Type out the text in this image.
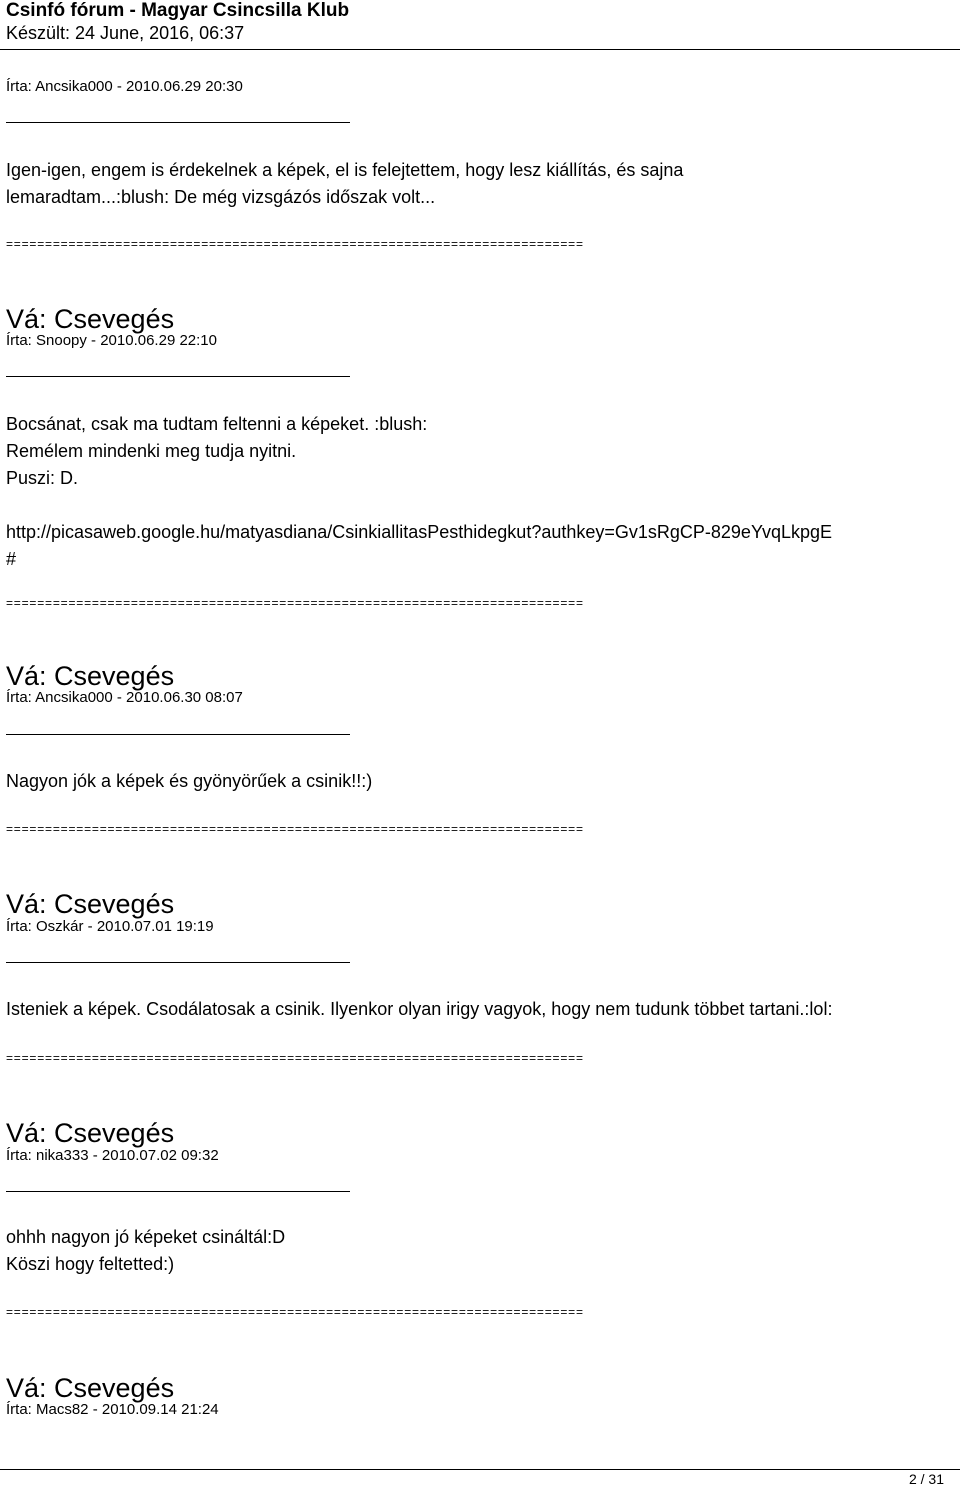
Csinfó fórum - Magyar Csincsilla Klub
Készült: 24 June, 2016, 06:37
Írta: Ancsika000 - 2010.06.29 20:30
Igen-igen, engem is érdekelnek a képek, el is felejtettem, hogy lesz kiállítás, és sajna
lemaradtam...:blush: De még vizsgázós időszak volt...
==========================================================================
Vá: Csevegés
Írta: Snoopy - 2010.06.29 22:10
Bocsánat, csak ma tudtam feltenni a képeket. :blush:
Remélem mindenki meg tudja nyitni.
Puszi: D.

http://picasaweb.google.hu/matyasdiana/CsinkiallitasPesthidegkut?authkey=Gv1sRgCP-829eYvqLkpgE
#
==========================================================================
Vá: Csevegés
Írta: Ancsika000 - 2010.06.30 08:07
Nagyon jók a képek és gyönyörűek a csinik!!:)
==========================================================================
Vá: Csevegés
Írta: Oszkár - 2010.07.01 19:19
Isteniek a képek. Csodálatosak a csinik. Ilyenkor olyan irigy vagyok, hogy nem tudunk többet tartani.:lol:
==========================================================================
Vá: Csevegés
Írta: nika333 - 2010.07.02 09:32
ohhh nagyon jó képeket csináltál:D
Köszi hogy feltetted:)
==========================================================================
Vá: Csevegés
Írta: Macs82 - 2010.09.14 21:24
2 / 31
